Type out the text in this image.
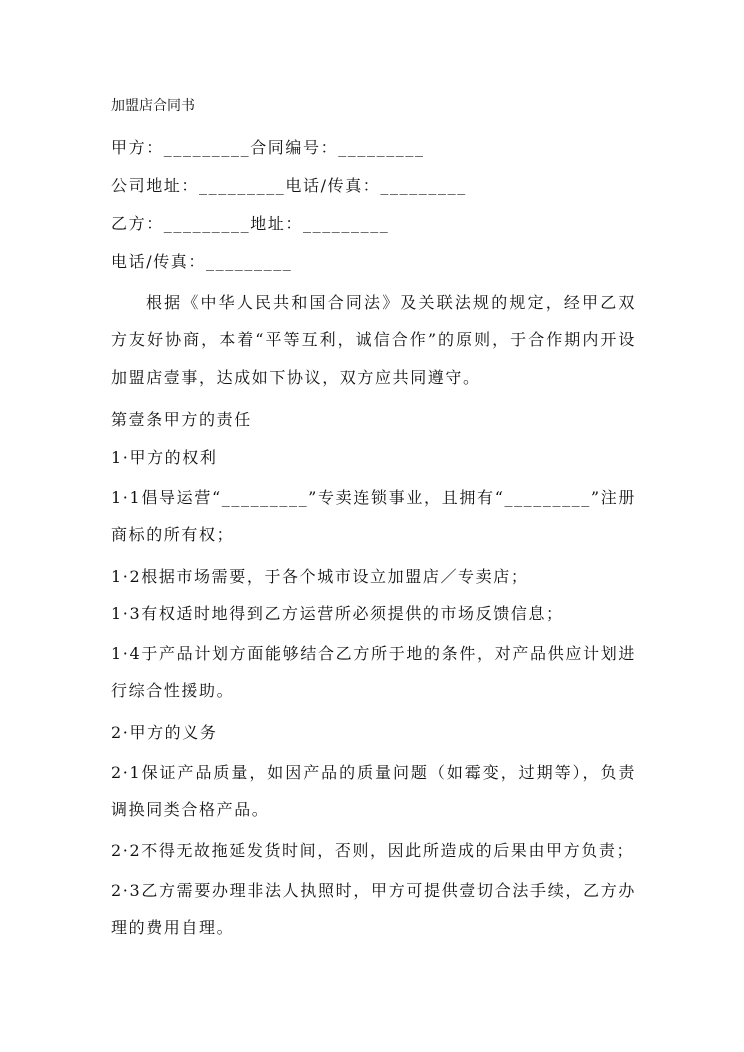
加盟店合同书
甲方：_________合同编号：_________
公司地址：_________电话/传真：_________
乙方：_________地址：_________
电话/传真：_________
根据《中华人民共和国合同法》及关联法规的规定，经甲乙双方友好协商，本着“平等互利，诚信合作”的原则，于合作期内开设加盟店壹事，达成如下协议，双方应共同遵守。
第壹条甲方的责任
1·甲方的权利
1·1倡导运营“_________”专卖连锁事业，且拥有“_________”注册商标的所有权；
1·2根据市场需要，于各个城市设立加盟店／专卖店；
1·3有权适时地得到乙方运营所必须提供的市场反馈信息；
1·4于产品计划方面能够结合乙方所于地的条件，对产品供应计划进行综合性援助。
2·甲方的义务
2·1保证产品质量，如因产品的质量问题（如霉变，过期等），负责调换同类合格产品。
2·2不得无故拖延发货时间，否则，因此所造成的后果由甲方负责；
2·3乙方需要办理非法人执照时，甲方可提供壹切合法手续，乙方办理的费用自理。
